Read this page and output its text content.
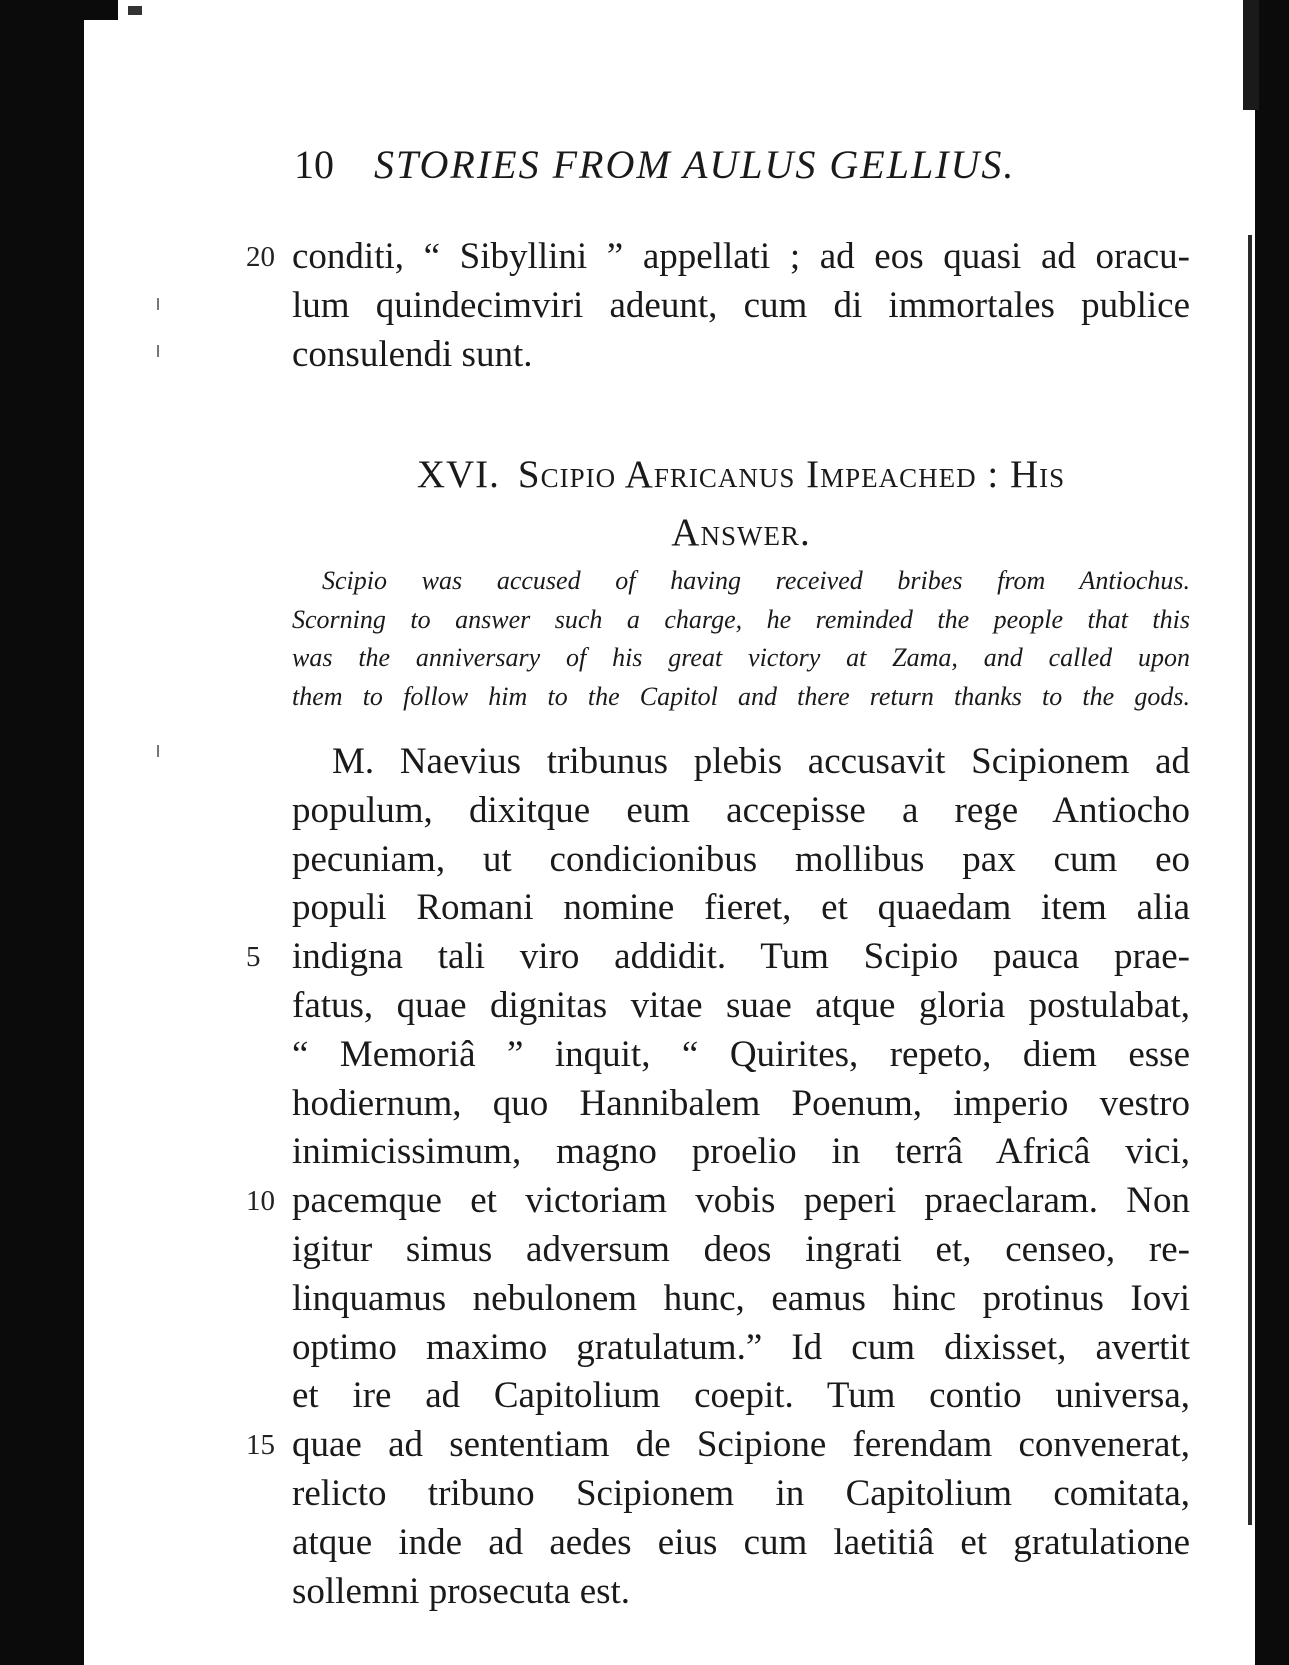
10 STORIES FROM AULUS GELLIUS.
20 conditi, “ Sibyllini ” appellati ; ad eos quasi ad oracu-
lum quindecimviri adeunt, cum di immortales publice
consulendi sunt.
XVI. Scipio Africanus Impeached : His
Answer.
Scipio was accused of having received bribes from Antiochus.
Scorning to answer such a charge, he reminded the people that this
was the anniversary of his great victory at Zama, and called upon
them to follow him to the Capitol and there return thanks to the gods.
M. Naevius tribunus plebis accusavit Scipionem ad
populum, dixitque eum accepisse a rege Antiocho
pecuniam, ut condicionibus mollibus pax cum eo
populi Romani nomine fieret, et quaedam item alia
5 indigna tali viro addidit. Tum Scipio pauca prae-
fatus, quae dignitas vitae suae atque gloria postulabat,
“ Memoriâ ” inquit, “ Quirites, repeto, diem esse
hodiernum, quo Hannibalem Poenum, imperio vestro
inimicissimum, magno proelio in terrâ Africâ vici,
10 pacemque et victoriam vobis peperi praeclaram. Non
igitur simus adversum deos ingrati et, censeo, re-
linquamus nebulonem hunc, eamus hinc protinus Iovi
optimo maximo gratulatum.” Id cum dixisset, avertit
et ire ad Capitolium coepit. Tum contio universa,
15 quae ad sententiam de Scipione ferendam convenerat,
relicto tribuno Scipionem in Capitolium comitata,
atque inde ad aedes eius cum laetitiâ et gratulatione
sollemni prosecuta est.
